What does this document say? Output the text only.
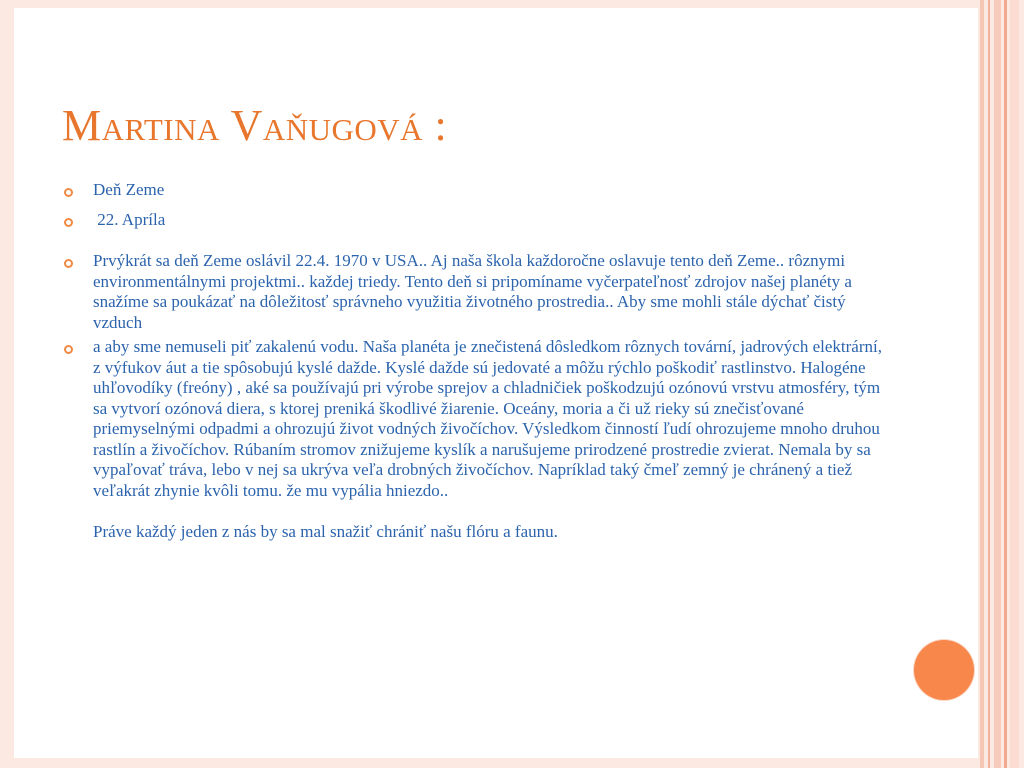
Martina Vaňugová :
Deň Zeme
22. Apríla
Prvýkrát sa deň Zeme oslávil 22.4. 1970 v USA.. Aj naša škola každoročne oslavuje tento deň Zeme.. rôznymi environmentálnymi projektmi.. každej triedy. Tento deň si pripomíname vyčerpateľnosť zdrojov našej planéty a snažíme sa poukázať na dôležitosť správneho využitia životného prostredia.. Aby sme mohli stále dýchať čistý vzduch
a aby sme nemuseli piť zakalenú vodu. Naša planéta je znečistená dôsledkom rôznych tovární, jadrových elektrární, z výfukov áut a tie spôsobujú kyslé dažde. Kyslé dažde sú jedovaté a môžu rýchlo poškodiť rastlinstvo. Halogéne uhľovodíky (freóny) , aké sa používajú pri výrobe sprejov a chladničiek poškodzujú ozónovú vrstvu atmosféry, tým sa vytvorí ozónová diera, s ktorej preniká škodlivé žiarenie. Oceány, moria a či už rieky sú znečisťované priemyselnými odpadmi a ohrozujú život vodných živočíchov. Výsledkom činností ľudí ohrozujeme mnoho druhou rastlín a živočíchov. Rúbaním stromov znižujeme kyslík a narušujeme prirodzené prostredie zvierat. Nemala by sa vypaľovať tráva, lebo v nej sa ukrýva veľa drobných živočíchov. Napríklad taký čmeľ zemný je chránený a tiež veľakrát zhynie kvôli tomu. že mu vypália hniezdo..
Práve každý jeden z nás by sa mal snažiť chrániť našu flóru a faunu.
